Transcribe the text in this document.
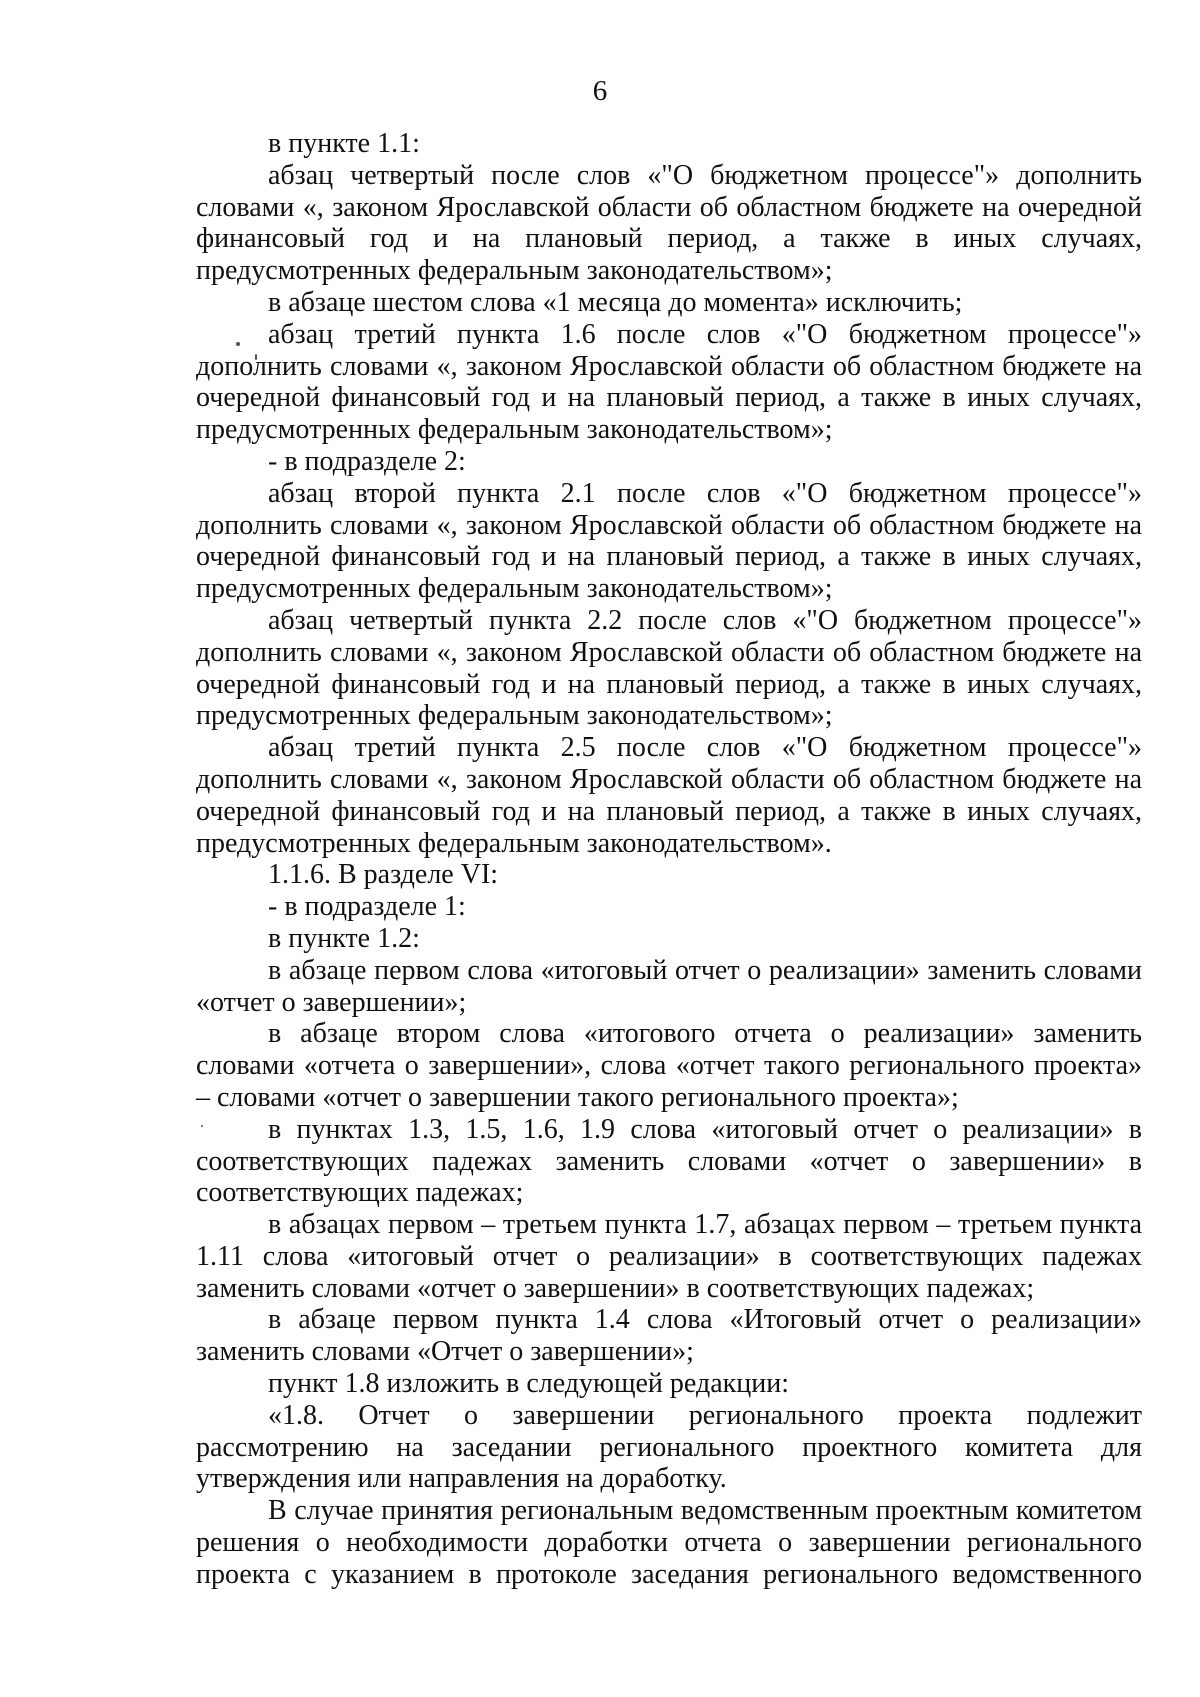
6

в пункте 1.1:

абзац четвертый после слов «"О бюджетном процессе"» дополнить словами «, законом Ярославской области об областном бюджете на очередной финансовый год и на плановый период, а также в иных случаях, предусмотренных федеральным законодательством»;

в абзаце шестом слова «1 месяца до момента» исключить;

абзац третий пункта 1.6 после слов «"О бюджетном процессе"» дополнить словами «, законом Ярославской области об областном бюджете на очередной финансовый год и на плановый период, а также в иных случаях, предусмотренных федеральным законодательством»;

- в подразделе 2:

абзац второй пункта 2.1 после слов «"О бюджетном процессе"» дополнить словами «, законом Ярославской области об областном бюджете на очередной финансовый год и на плановый период, а также в иных случаях, предусмотренных федеральным законодательством»;

абзац четвертый пункта 2.2 после слов «"О бюджетном процессе"» дополнить словами «, законом Ярославской области об областном бюджете на очередной финансовый год и на плановый период, а также в иных случаях, предусмотренных федеральным законодательством»;

абзац третий пункта 2.5 после слов «"О бюджетном процессе"» дополнить словами «, законом Ярославской области об областном бюджете на очередной финансовый год и на плановый период, а также в иных случаях, предусмотренных федеральным законодательством».

1.1.6. В разделе VI:

- в подразделе 1:

в пункте 1.2:

в абзаце первом слова «итоговый отчет о реализации» заменить словами «отчет о завершении»;

в абзаце втором слова «итогового отчета о реализации» заменить словами «отчета о завершении», слова «отчет такого регионального проекта» – словами «отчет о завершении такого регионального проекта»;

в пунктах 1.3, 1.5, 1.6, 1.9 слова «итоговый отчет о реализации» в соответствующих падежах заменить словами «отчет о завершении» в соответствующих падежах;

в абзацах первом – третьем пункта 1.7, абзацах первом – третьем пункта 1.11 слова «итоговый отчет о реализации» в соответствующих падежах заменить словами «отчет о завершении» в соответствующих падежах;

в абзаце первом пункта 1.4 слова «Итоговый отчет о реализации» заменить словами «Отчет о завершении»;

пункт 1.8 изложить в следующей редакции:

«1.8. Отчет о завершении регионального проекта подлежит рассмотрению на заседании регионального проектного комитета для утверждения или направления на доработку.

В случае принятия региональным ведомственным проектным комитетом решения о необходимости доработки отчета о завершении регионального проекта с указанием в протоколе заседания регионального ведомственного
